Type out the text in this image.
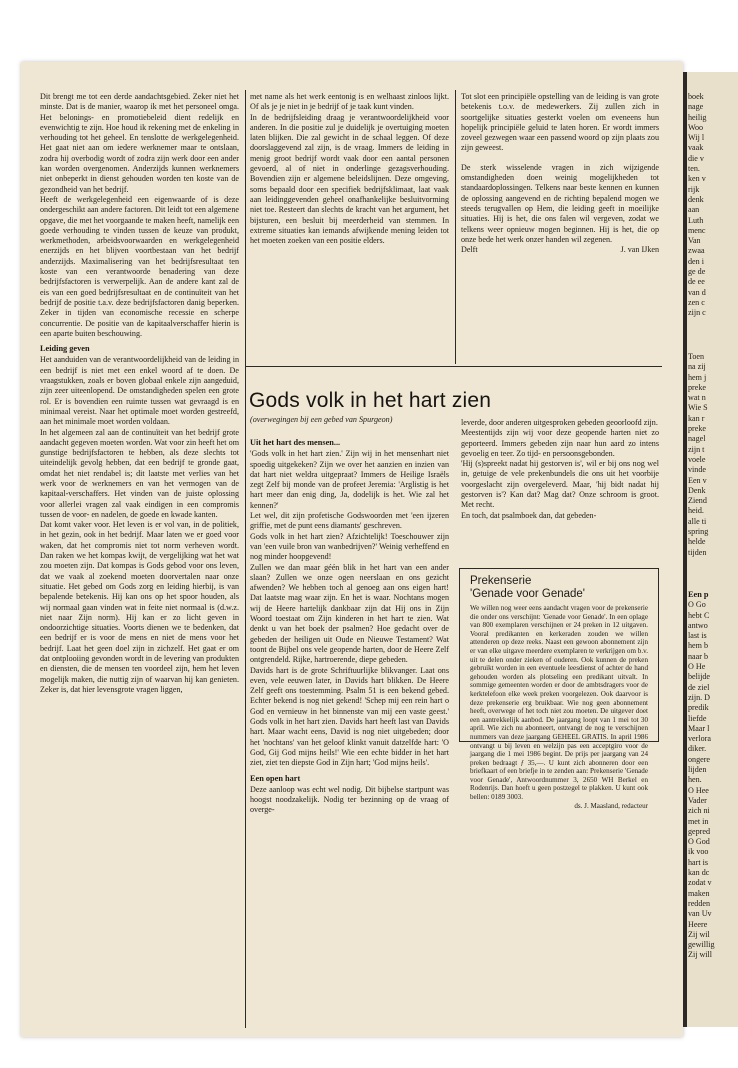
Dit brengt me tot een derde aandachtsgebied. Zeker niet het minste. Dat is de manier, waarop ik met het personeel omga. Het belonings- en promotiebeleid dient redelijk en evenwichtig te zijn. Hoe houd ik rekening met de enkeling in verhouding tot het geheel. En tenslotte de werkgelegenheid. Het gaat niet aan om iedere werknemer maar te ontslaan, zodra hij overbodig wordt of zodra zijn werk door een ander kan worden overgenomen. Anderzijds kunnen werknemers niet onbeperkt in dienst gehouden worden ten koste van de gezondheid van het bedrijf.

Heeft de werkgelegenheid een eigenwaarde of is deze ondergeschikt aan andere factoren. Dit leidt tot een algemene opgave, die met het voorgaande te maken heeft, namelijk een goede verhouding te vinden tussen de keuze van produkt, werkmethoden, arbeidsvoorwaarden en werkgelegenheid enerzijds en het blijven voortbestaan van het bedrijf anderzijds. Maximalisering van het bedrijfsresultaat ten koste van een verantwoorde benadering van deze bedrijfsfactoren is verwerpelijk. Aan de andere kant zal de eis van een goed bedrijfsresultaat en de continuïteit van het bedrijf de positie t.a.v. deze bedrijfsfactoren danig beperken. Zeker in tijden van economische recessie en scherpe concurrentie. De positie van de kapitaalverschaffer hierin is een aparte buiten beschouwing.

Leiding geven

Het aanduiden van de verantwoordelijkheid van de leiding in een bedrijf is niet met een enkel woord af te doen. De vraagstukken, zoals er boven globaal enkele zijn aangeduid, zijn zeer uiteenlopend. De omstandigheden spelen een grote rol. Er is bovendien een ruimte tussen wat gevraagd is en minimaal vereist. Naar het optimale moet worden gestreefd, aan het minimale moet worden voldaan.

In het algemeen zal aan de continuïteit van het bedrijf grote aandacht gegeven moeten worden. Wat voor zin heeft het om gunstige bedrijfsfactoren te hebben, als deze slechts tot uiteindelijk gevolg hebben, dat een bedrijf te gronde gaat, omdat het niet rendabel is; dit laatste met verlies van het werk voor de werknemers en van het vermogen van de kapitaal-verschaffers. Het vinden van de juiste oplossing voor allerlei vragen zal vaak eindigen in een compromis tussen de voor- en nadelen, de goede en kwade kanten.

Dat komt vaker voor. Het leven is er vol van, in de politiek, in het gezin, ook in het bedrijf. Maar laten we er goed voor waken, dat het compromis niet tot norm verheven wordt. Dan raken we het kompas kwijt, de vergelijking wat het wat zou moeten zijn. Dat kompas is Gods gebod voor ons leven, dat we vaak al zoekend moeten doorvertalen naar onze situatie. Het gebed om Gods zorg en leiding hierbij, is van bepalende betekenis. Hij kan ons op het spoor houden, als wij normaal gaan vinden wat in feite niet normaal is (d.w.z. niet naar Zijn norm). Hij kan er zo licht geven in ondoorzichtige situaties. Voorts dienen we te bedenken, dat een bedrijf er is voor de mens en niet de mens voor het bedrijf. Laat het geen doel zijn in zichzelf. Het gaat er om dat ontplooiing gevonden wordt in de levering van produkten en diensten, die de mensen ten voordeel zijn, hem het leven mogelijk maken, die nuttig zijn of waarvan hij kan genieten. Zeker is, dat hier levensgrote vragen liggen,

met name als het werk eentonig is en welhaast zinloos lijkt. Of als je je niet in je bedrijf of je taak kunt vinden.

In de bedrijfsleiding draag je verantwoordelijkheid voor anderen. In die positie zul je duidelijk je overtuiging moeten laten blijken. Die zal gewicht in de schaal leggen. Of deze doorslaggevend zal zijn, is de vraag. Immers de leiding in menig groot bedrijf wordt vaak door een aantal personen gevoerd, al of niet in onderlinge gezagsverhouding. Bovendien zijn er algemene beleidslijnen. Deze omgeving, soms bepaald door een specifiek bedrijfsklimaat, laat vaak aan leidinggevenden geheel onafhankelijke besluitvorming niet toe. Resteert dan slechts de kracht van het argument, het bijsturen, een besluit bij meerderheid van stemmen. In extreme situaties kan iemands afwijkende mening leiden tot het moeten zoeken van een positie elders.

Tot slot een principiële opstelling van de leiding is van grote betekenis t.o.v. de medewerkers. Zij zullen zich in soortgelijke situaties gesterkt voelen om eveneens hun hopelijk principiële geluid te laten horen. Er wordt immers zoveel gezwegen waar een passend woord op zijn plaats zou zijn geweest.

De sterk wisselende vragen in zich wijzigende omstandigheden doen weinig mogelijkheden tot standaardoplossingen. Telkens naar beste kennen en kunnen de oplossing aangevend en de richting bepalend mogen we steeds terugvallen op Hem, die leiding geeft in moeilijke situaties. Hij is het, die ons falen wil vergeven, zodat we telkens weer opnieuw mogen beginnen. Hij is het, die op onze bede het werk onzer handen wil zegenen.

Delft	J. van IJken
Gods volk in het hart zien
(overwegingen bij een gebed van Spurgeon)
Uit het hart des mensen...

'Gods volk in het hart zien.' Zijn wij in het mensenhart niet spoedig uitgekeken? Zijn we over het aanzien en inzien van dat hart niet weldra uitgepraat? Immers de Heilige Israëls zegt Zelf bij monde van de profeet Jeremia: 'Arglistig is het hart meer dan enig ding, Ja, dodelijk is het. Wie zal het kennen?'

Let wel, dit zijn profetische Godswoorden met 'een ijzeren griffie, met de punt eens diamants' geschreven.

Gods volk in het hart zien? Afzichtelijk! Toeschouwer zijn van 'een vuile bron van wanbedrijven?' Weinig verheffend en nog minder hoopgevend!

Zullen we dan maar géén blik in het hart van een ander slaan? Zullen we onze ogen neerslaan en ons gezicht afwenden? We hebben toch al genoeg aan ons eigen hart! Dat laatste mag waar zijn. En het is waar. Nochtans mogen wij de Heere hartelijk dankbaar zijn dat Hij ons in Zijn Woord toestaat om Zijn kinderen in het hart te zien. Wat denkt u van het boek der psalmen? Hoe gedacht over de gebeden der heiligen uit Oude en Nieuwe Testament? Wat toont de Bijbel ons vele geopende harten, door de Heere Zelf ontgrendeld. Rijke, hartroerende, diepe gebeden.

Davids hart is de grote Schriftuurlijke blikvanger. Laat ons even, vele eeuwen later, in Davids hart blikken. De Heere Zelf geeft ons toestemming. Psalm 51 is een bekend gebed. Echter bekend is nog niet gekend! 'Schep mij een rein hart o God en vernieuw in het binnenste van mij een vaste geest.' Gods volk in het hart zien. Davids hart heeft last van Davids hart. Maar wacht eens, David is nog niet uitgebeden; door het 'nochtans' van het geloof klinkt vanuit datzelfde hart: 'O God, Gij God mijns heils!' Wie een echte bidder in het hart ziet, ziet ten diepste God in Zijn hart; 'God mijns heils'.

Een open hart

Deze aanloop was echt wel nodig. Dit bijbelse startpunt was hoogst noodzakelijk. Nodig ter bezinning op de vraag of overge-

leverde, door anderen uitgesproken gebeden geoorloofd zijn.

Meestentijds zijn wij voor deze geopende harten niet zo geporteerd. Immers gebeden zijn naar hun aard zo intens gevoelig en teer. Zo tijd- en persoonsgebonden.

'Hij (s)spreekt nadat hij gestorven is', wil er bij ons nog wel in, getuige de vele prekenbundels die ons uit het voorbije voorgeslacht zijn overgeleverd. Maar, 'hij bidt nadat hij gestorven is'? Kan dat? Mag dat? Onze schroom is groot. Met recht.

En toch, dat psalmboek dan, dat gebeden-

Prekenserie
'Genade voor Genade'
We willen nog weer eens aandacht vragen voor de prekenserie die onder ons verschijnt: 'Genade voor Genade'. In een oplage van 800 exemplaren verschijnen er 24 preken in 12 uitgaven. Vooral predikanten en kerkeraden zouden we willen attenderen op deze reeks. Naast een gewoon abonnement zijn er van elke uitgave meerdere exemplaren te verkrijgen om b.v. uit te delen onder zieken of ouderen. Ook kunnen de preken gebruikt worden in een eventuele leesdienst of achter de hand gehouden worden als plotseling een predikant uitvalt. In sommige gemeenten worden er door de ambtsdragers voor de kerktelefoon elke week preken voorgelezen. Ook daarvoor is deze prekenserie erg bruikbaar. Wie nog geen abonnement heeft, overwege of het toch niet zou moeten. De uitgever doet een aantrekkelijk aanbod. De jaargang loopt van 1 mei tot 30 april. Wie zich nu abonneert, ontvangt de nog te verschijnen nummers van deze jaargang GEHEEL GRATIS. In april 1986 ontvangt u bij leven en welzijn pas een acceptgiro voor de jaargang die 1 mei 1986 begint. De prijs per jaargang van 24 preken bedraagt ƒ 35,—. U kunt zich abonneren door een briefkaart of een briefje in te zenden aan: Prekenserie 'Genade voor Genade', Antwoordnummer 3, 2650 WH Berkel en Rodenrijs. Dan hoeft u geen postzegel te plakken. U kunt ook bellen: 0189 3003.
ds. J. Maasland, redacteur
boek
nage
heilig
Woo
Wij l
vaak
die v
ten.
ken v
rijk
denk
aan
Luth
menc
Van
zwaa
den i
ge de
de ee
van d
zen c
zijn c
Toen
na zij
hem j
preke
wat n
Wie S
kan r
preke
nagel
zijn t
voele
vinde
Een v
Denk
Ziend
heid.
alle ti
spring
helde
tijden
Een p
O Go
hebt C
antwo
last is
hem b
naar b
O He
belijde
de ziel
zijn. D
predik
liefde
Maar l
verlora
diker.
ongere
lijden
hen.
O Hee
Vader
zich ni
met in
gepred
O God
ik voo
hart is
kan dc
zodat v
maken
redden
van Uv
Heere
Zij wil
gewillig
Zij will
